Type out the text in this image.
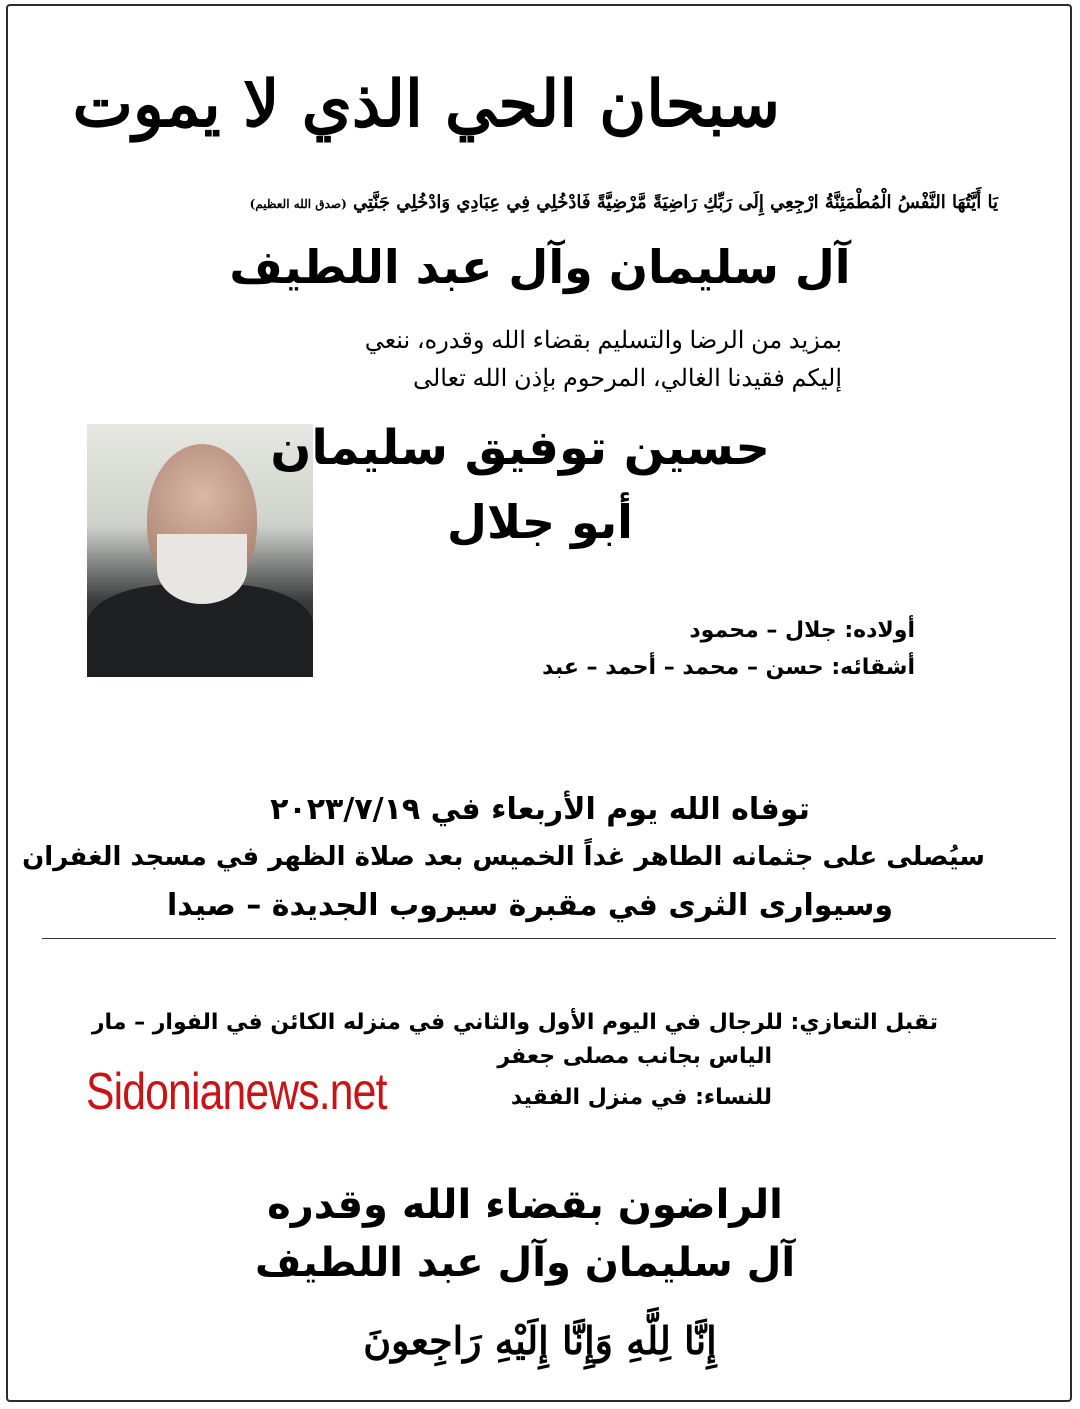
سبحان الحي الذي لا يموت
يَا أَيَّتُهَا النَّفْسُ الْمُطْمَئِنَّةُ ارْجِعِي إِلَى رَبِّكِ رَاضِيَةً مَّرْضِيَّةً فَادْخُلِي فِي عِبَادِي وَادْخُلِي جَنَّتِي (صدق الله العظيم)
آل سليمان وآل عبد اللطيف
بمزيد من الرضا والتسليم بقضاء الله وقدره، ننعي
إليكم فقيدنا الغالي، المرحوم بإذن الله تعالى
حسين توفيق سليمان
أبو جلال
أولاده: جلال – محمود
أشقائه: حسن – محمد – أحمد – عبد
توفاه الله يوم الأربعاء في ٢٠٢٣/٧/١٩
سيُصلى على جثمانه الطاهر غداً الخميس بعد صلاة الظهر في مسجد الغفران
وسيوارى الثرى في مقبرة سيروب الجديدة – صيدا
تقبل التعازي: للرجال في اليوم الأول والثاني في منزله الكائن في الفوار – مار
الياس بجانب مصلى جعفر
للنساء: في منزل الفقيد
Sidonianews.net
الراضون بقضاء الله وقدره
آل سليمان وآل عبد اللطيف
إِنَّا لِلَّهِ وَإِنَّا إِلَيْهِ رَاجِعونَ
